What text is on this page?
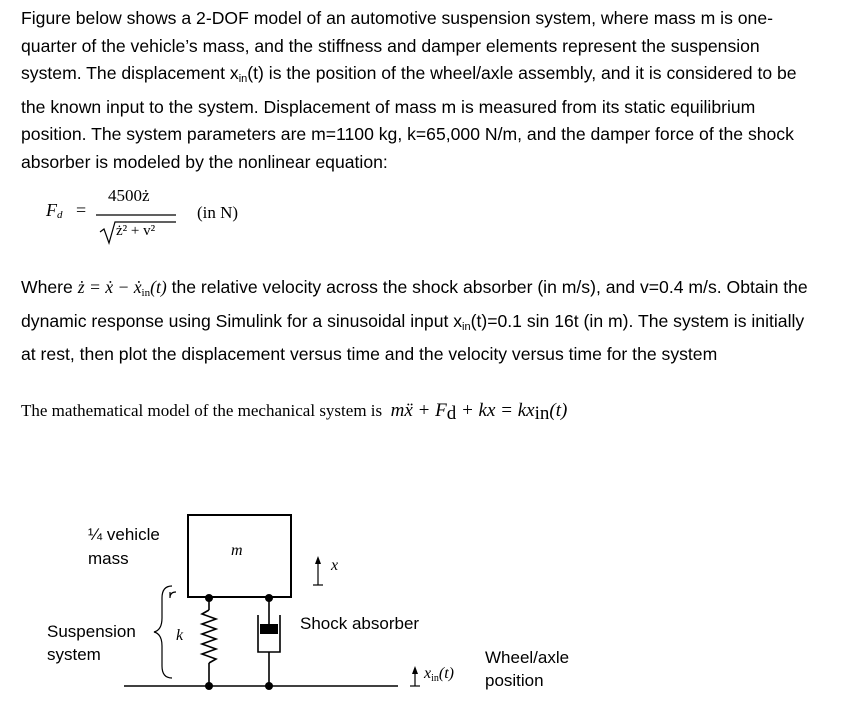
Figure below shows a 2-DOF model of an automotive suspension system, where mass m is one-quarter of the vehicle’s mass, and the stiffness and damper elements represent the suspension system. The displacement $x_{in}(t)$ is the position of the wheel/axle assembly, and it is considered to be the known input to the system. Displacement of mass m is measured from its static equilibrium position. The system parameters are m=1100 kg, k=65,000 N/m, and the damper force of the shock absorber is modeled by the nonlinear equation:

F d =
4500ż
ż² + v²
(in N)

Where ż = ẋ − ẋ$_{in}$(t) the relative velocity across the shock absorber (in m/s), and v=0.4 m/s. Obtain the dynamic response using Simulink for a sinusoidal input $x_{in}(t)=0.1$ sin 16t (in m). The system is initially at rest, then plot the displacement versus time and the velocity versus time for the system

The mathematical model of the mechanical system is mẍ + Fd + kx = kxin(t)
¼ vehicle
mass	m
x
Suspension
system
k
Shock absorber
Wheel/axle
position
xin(t)
